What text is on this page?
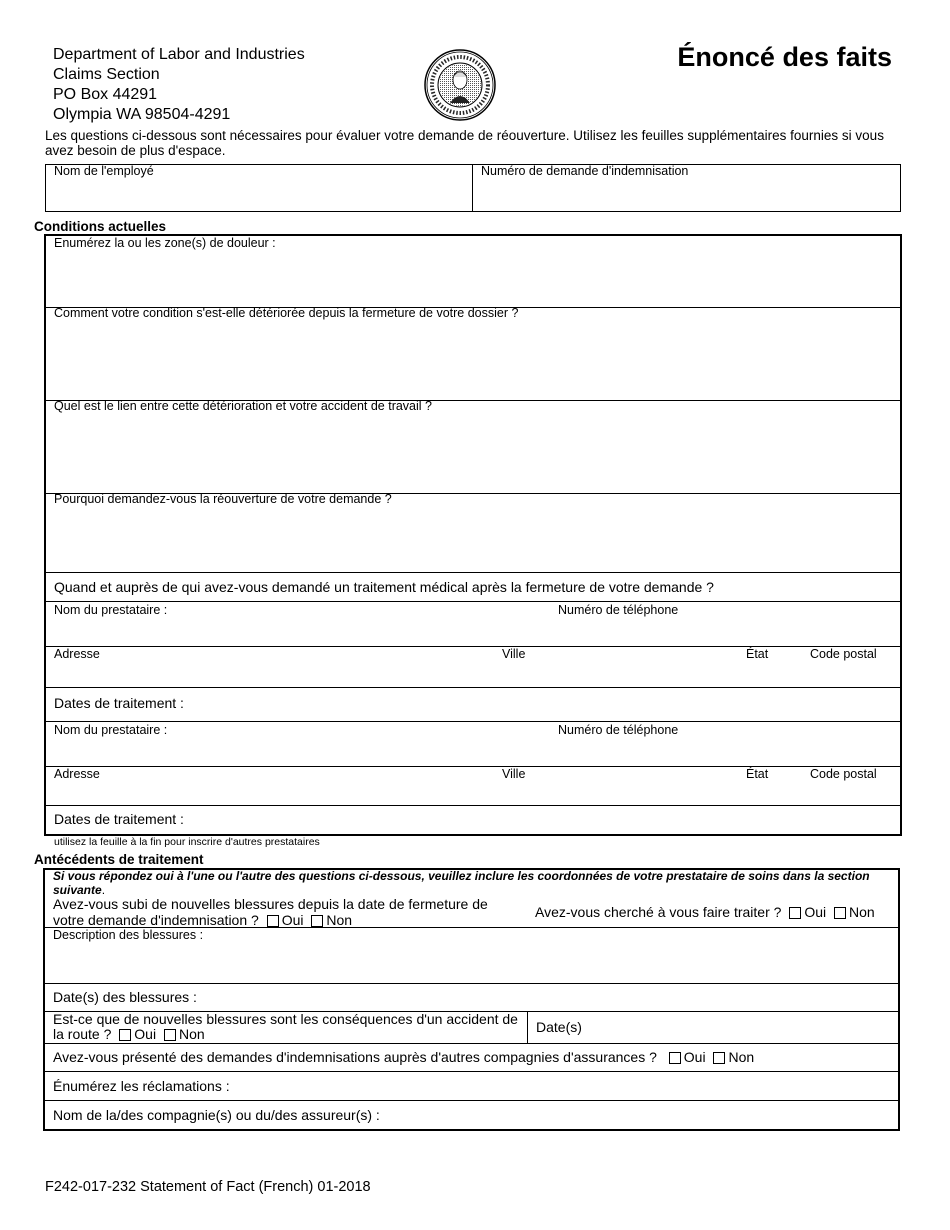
Department of Labor and Industries
Claims Section
PO Box 44291
Olympia WA 98504-4291
Énoncé des faits
Les questions ci-dessous sont nécessaires pour évaluer votre demande de réouverture. Utilisez les feuilles supplémentaires fournies si vous avez besoin de plus d'espace.
Nom de l'employé	Numéro de demande d'indemnisation
Conditions actuelles
Enumérez la ou les zone(s) de douleur :
Comment votre condition s'est-elle détériorée depuis la fermeture de votre dossier ?
Quel est le lien entre cette détérioration et votre accident de travail ?
Pourquoi demandez-vous la réouverture de votre demande ?
Quand et auprès de qui avez-vous demandé un traitement médical après la fermeture de votre demande ?
Nom du prestataire :	Numéro de téléphone
Adresse	Ville	État	Code postal
Dates de traitement :
Nom du prestataire :	Numéro de téléphone
Adresse	Ville	État	Code postal
Dates de traitement :
utilisez la feuille à la fin pour inscrire d'autres prestataires
Antécédents de traitement
Si vous répondez oui à l'une ou l'autre des questions ci-dessous, veuillez inclure les coordonnées de votre prestataire de soins dans la section suivante.
Avez-vous subi de nouvelles blessures depuis la date de fermeture de
votre demande d'indemnisation ? Oui Non	Avez-vous cherché à vous faire traiter ? Oui Non
Description des blessures :
Date(s) des blessures :
Est-ce que de nouvelles blessures sont les conséquences d'un accident de
la route ? Oui Non	Date(s)
Avez-vous présenté des demandes d'indemnisations auprès d'autres compagnies d'assurances ? Oui Non
Énumérez les réclamations :
Nom de la/des compagnie(s) ou du/des assureur(s) :
F242-017-232 Statement of Fact (French) 01-2018
